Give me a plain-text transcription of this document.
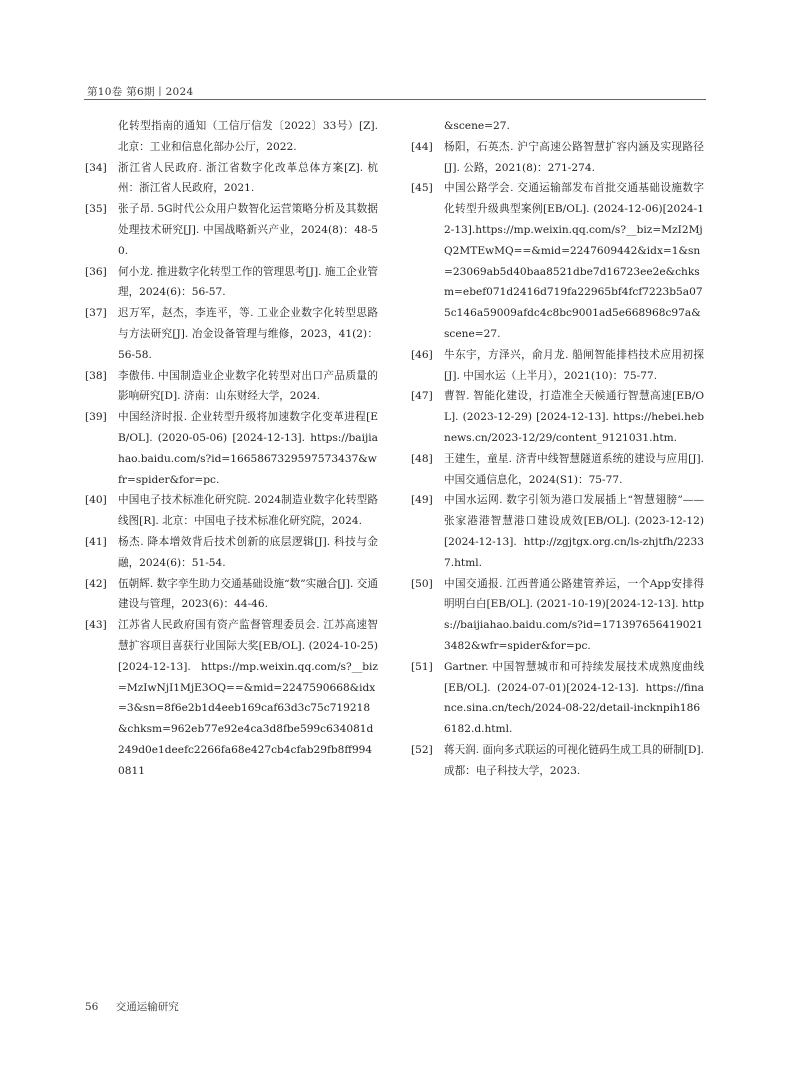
第10卷 第6期丨2024
化转型指南的通知（工信厅信发〔2022〕33号）[Z]. 北京：工业和信息化部办公厅，2022.
[34]	浙江省人民政府. 浙江省数字化改革总体方案[Z]. 杭州：浙江省人民政府，2021.
[35]	张子昂. 5G时代公众用户数智化运营策略分析及其数据处理技术研究[J]. 中国战略新兴产业，2024(8)：48-50.
[36]	何小龙. 推进数字化转型工作的管理思考[J]. 施工企业管理，2024(6)：56-57.
[37]	迟万军，赵杰，李连平，等. 工业企业数字化转型思路与方法研究[J]. 冶金设备管理与维修，2023，41(2)：56-58.
[38]	李傲伟. 中国制造业企业数字化转型对出口产品质量的影响研究[D]. 济南：山东财经大学，2024.
[39]	中国经济时报. 企业转型升级将加速数字化变革进程[EB/OL]. (2020-05-06) [2024-12-13]. https://baijiahao.baidu.com/s?id=1665867329597573437&wfr=spider&for=pc.
[40]	中国电子技术标准化研究院. 2024制造业数字化转型路线图[R]. 北京：中国电子技术标准化研究院，2024.
[41]	杨杰. 降本增效背后技术创新的底层逻辑[J]. 科技与金融，2024(6)：51-54.
[42]	伍朝辉. 数字孪生助力交通基础设施“数”实融合[J]. 交通建设与管理，2023(6)：44-46.
[43]	江苏省人民政府国有资产监督管理委员会. 江苏高速智慧扩容项目喜获行业国际大奖[EB/OL]. (2024-10-25) [2024-12-13]. https://mp.weixin.qq.com/s?__biz=MzIwNjI1MjE3OQ==&mid=2247590668&idx=3&sn=8f6e2b1d4eeb169caf63d3c75c719218&chksm=962eb77e92e4ca3d8fbe599c634081d249d0e1deefc2266fa68e427cb4cfab29fb8ff9940811
&scene=27.
[44]	杨阳，石英杰. 沪宁高速公路智慧扩容内涵及实现路径[J]. 公路，2021(8)：271-274.
[45]	中国公路学会. 交通运输部发布首批交通基础设施数字化转型升级典型案例[EB/OL]. (2024-12-06)[2024-12-13].https://mp.weixin.qq.com/s?__biz=MzI2MjQ2MTEwMQ==&mid=2247609442&idx=1&sn=23069ab5d40baa8521dbe7d16723ee2e&chksm=ebef071d2416d719fa22965bf4fcf7223b5a075c146a59009afdc4c8bc9001ad5e668968c97a&scene=27.
[46]	牛东宇，方泽兴，俞月龙. 船闸智能排档技术应用初探[J]. 中国水运（上半月），2021(10)：75-77.
[47]	曹智. 智能化建设，打造准全天候通行智慧高速[EB/OL]. (2023-12-29) [2024-12-13]. https://hebei.hebnews.cn/2023-12/29/content_9121031.htm.
[48]	王建生，童星. 济青中线智慧隧道系统的建设与应用[J]. 中国交通信息化，2024(S1)：75-77.
[49]	中国水运网. 数字引领为港口发展插上“智慧翅膀”——张家港港智慧港口建设成效[EB/OL]. (2023-12-12) [2024-12-13]. http://zgjtgx.org.cn/ls-zhjtfh/22337.html.
[50]	中国交通报. 江西普通公路建管养运，一个App安排得明明白白[EB/OL]. (2021-10-19)[2024-12-13]. https://baijiahao.baidu.com/s?id=1713976564190213482&wfr=spider&for=pc.
[51]	Gartner. 中国智慧城市和可持续发展技术成熟度曲线[EB/OL]. (2024-07-01)[2024-12-13]. https://finance.sina.cn/tech/2024-08-22/detail-incknpih1866182.d.html.
[52]	蒋天润. 面向多式联运的可视化链码生成工具的研制[D]. 成都：电子科技大学，2023.
56 交通运输研究
